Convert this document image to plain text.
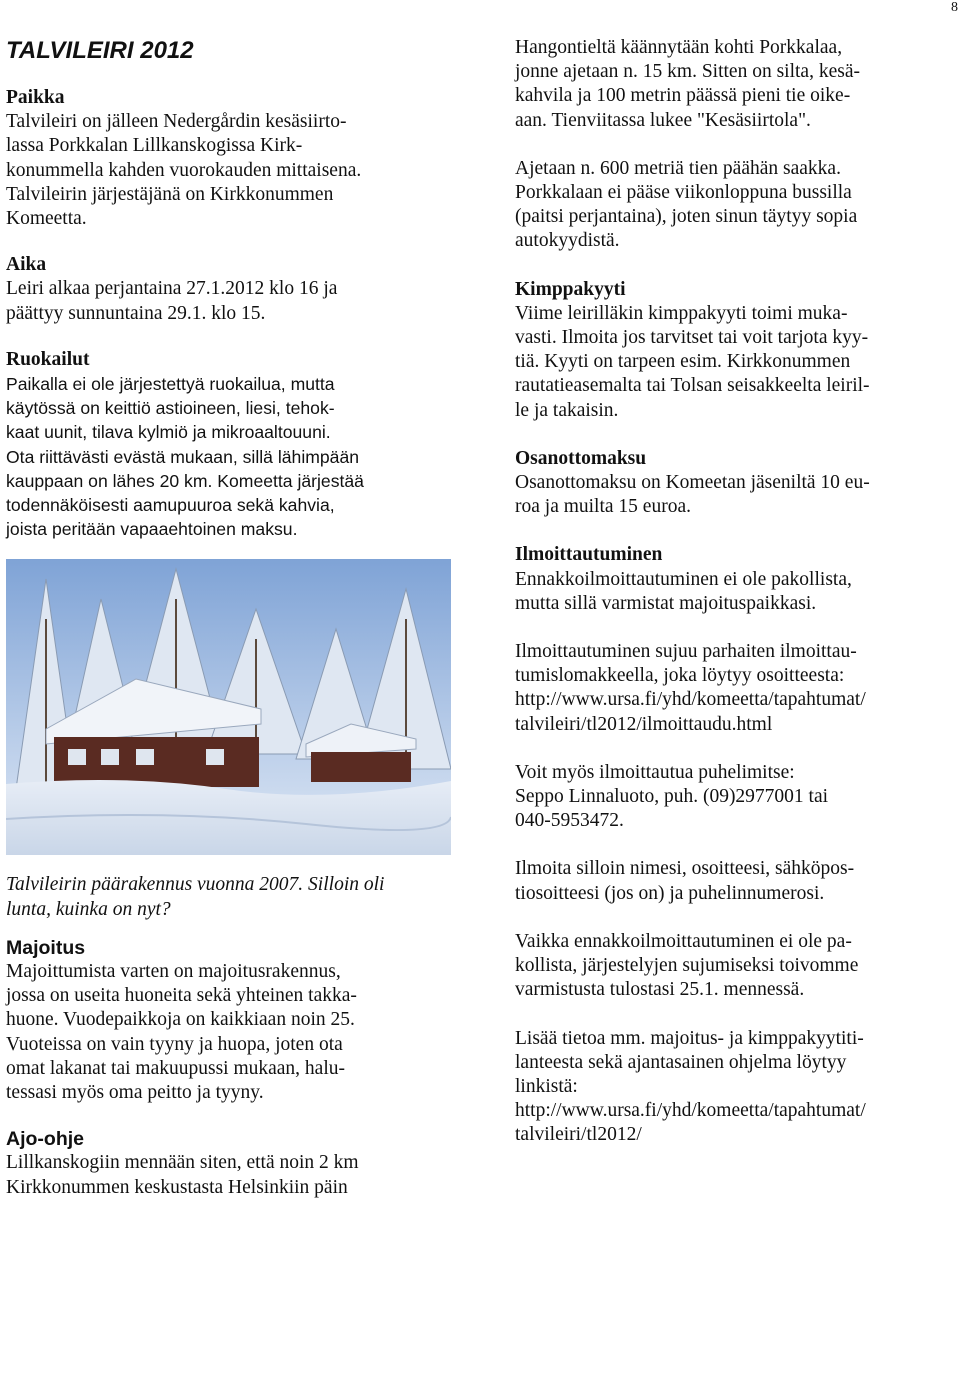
8
TALVILEIRI 2012

Paikka

Talvileiri on jälleen Nedergårdin kesäsiirto-
lassa Porkkalan Lillkanskogissa Kirk-
konummella kahden vuorokauden mittaisena.
Talvileirin järjestäjänä on Kirkkonummen
Komeetta.

Aika

Leiri alkaa perjantaina 27.1.2012 klo 16 ja
päättyy sunnuntaina 29.1. klo 15.

Ruokailut

Paikalla ei ole järjestettyä ruokailua, mutta
käytössä on keittiö astioineen, liesi, tehok-
kaat uunit, tilava kylmiö ja mikroaaltouuni.
Ota riittävästi evästä mukaan, sillä lähimpään
kauppaan on lähes 20 km. Komeetta järjestää
todennäköisesti aamupuuroa sekä kahvia,
joista peritään vapaaehtoinen maksu.

Talvileirin päärakennus vuonna 2007. Silloin oli
lunta, kuinka on nyt?

Majoitus

Majoittumista varten on majoitusrakennus,
jossa on useita huoneita sekä yhteinen takka-
huone. Vuodepaikkoja on kaikkiaan noin 25.
Vuoteissa on vain tyyny ja huopa, joten ota
omat lakanat tai makuupussi mukaan, halu-
tessasi myös oma peitto ja tyyny.

Ajo-ohje

Lillkanskogiin mennään siten, että noin 2 km
Kirkkonummen keskustasta Helsinkiin päin

Hangontieltä käännytään kohti Porkkalaa,
jonne ajetaan n. 15 km. Sitten on silta, kesä-
kahvila ja 100 metrin päässä pieni tie oike-
aan. Tienviitassa lukee "Kesäsiirtola".

Ajetaan n. 600 metriä tien päähän saakka.
Porkkalaan ei pääse viikonloppuna bussilla
(paitsi perjantaina), joten sinun täytyy sopia
autokyydistä.

Kimppakyyti

Viime leirilläkin kimppakyyti toimi muka-
vasti. Ilmoita jos tarvitset tai voit tarjota kyy-
tiä. Kyyti on tarpeen esim. Kirkkonummen
rautatieasemalta tai Tolsan seisakkeelta leiril-
le ja takaisin.

Osanottomaksu

Osanottomaksu on Komeetan jäseniltä 10 eu-
roa ja muilta 15 euroa.

Ilmoittautuminen

Ennakkoilmoittautuminen ei ole pakollista,
mutta sillä varmistat majoituspaikkasi.

Ilmoittautuminen sujuu parhaiten ilmoittau-
tumislomakkeella, joka löytyy osoitteesta:
http://www.ursa.fi/yhd/komeetta/tapahtumat/
talvileiri/tl2012/ilmoittaudu.html

Voit myös ilmoittautua puhelimitse:
Seppo Linnaluoto, puh. (09)2977001 tai
040-5953472.

Ilmoita silloin nimesi, osoitteesi, sähköpos-
tiosoitteesi (jos on) ja puhelinnumerosi.

Vaikka ennakkoilmoittautuminen ei ole pa-
kollista, järjestelyjen sujumiseksi toivomme
varmistusta tulostasi 25.1. mennessä.

Lisää tietoa mm. majoitus- ja kimppakyytiti-
lanteesta sekä ajantasainen ohjelma löytyy
linkistä:
http://www.ursa.fi/yhd/komeetta/tapahtumat/
talvileiri/tl2012/
